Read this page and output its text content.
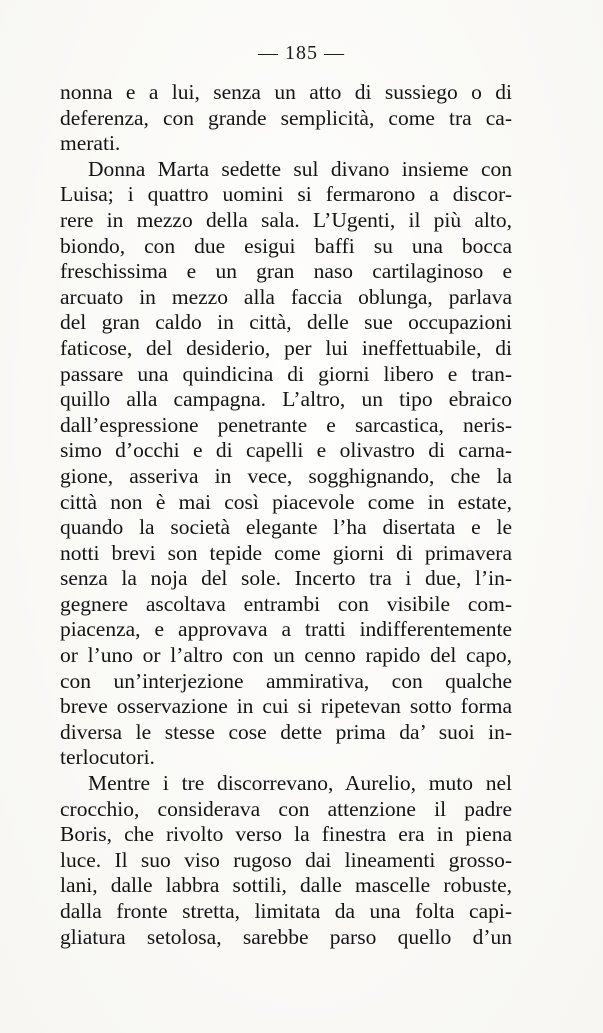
— 185 —
nonna e a lui, senza un atto di sussiego o di
deferenza, con grande semplicità, come tra ca-
merati.
Donna Marta sedette sul divano insieme con
Luisa; i quattro uomini si fermarono a discor-
rere in mezzo della sala. L’Ugenti, il più alto,
biondo, con due esigui baffi su una bocca
freschissima e un gran naso cartilaginoso e
arcuato in mezzo alla faccia oblunga, parlava
del gran caldo in città, delle sue occupazioni
faticose, del desiderio, per lui ineffettuabile, di
passare una quindicina di giorni libero e tran-
quillo alla campagna. L’altro, un tipo ebraico
dall’espressione penetrante e sarcastica, neris-
simo d’occhi e di capelli e olivastro di carna-
gione, asseriva in vece, sogghignando, che la
città non è mai così piacevole come in estate,
quando la società elegante l’ha disertata e le
notti brevi son tepide come giorni di primavera
senza la noja del sole. Incerto tra i due, l’in-
gegnere ascoltava entrambi con visibile com-
piacenza, e approvava a tratti indifferentemente
or l’uno or l’altro con un cenno rapido del capo,
con un’interjezione ammirativa, con qualche
breve osservazione in cui si ripetevan sotto forma
diversa le stesse cose dette prima da’ suoi in-
terlocutori.
Mentre i tre discorrevano, Aurelio, muto nel
crocchio, considerava con attenzione il padre
Boris, che rivolto verso la finestra era in piena
luce. Il suo viso rugoso dai lineamenti grosso-
lani, dalle labbra sottili, dalle mascelle robuste,
dalla fronte stretta, limitata da una folta capi-
gliatura setolosa, sarebbe parso quello d’un
